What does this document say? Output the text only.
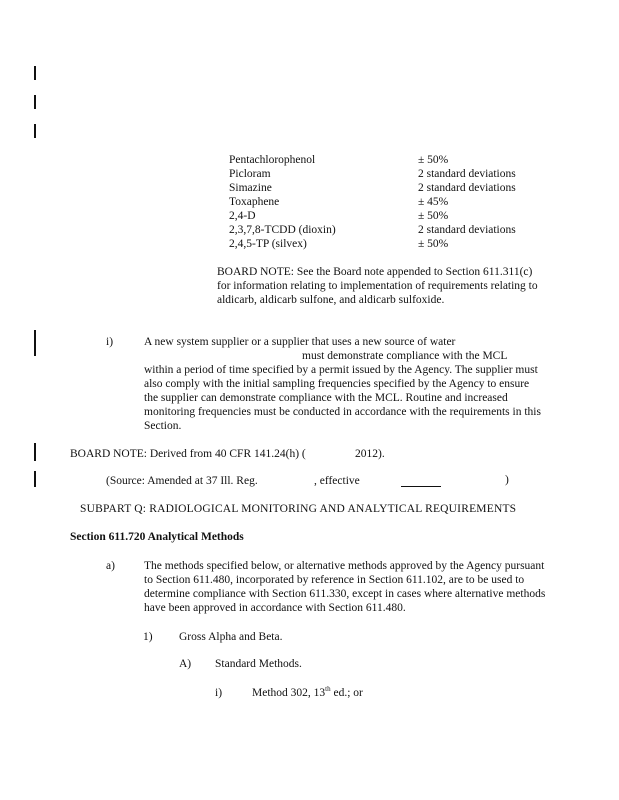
Pentachlorophenol	± 50%
Picloram	2 standard deviations
Simazine	2 standard deviations
Toxaphene	± 45%
2,4-D	± 50%
2,3,7,8-TCDD (dioxin)	2 standard deviations
2,4,5-TP (silvex)	± 50%
BOARD NOTE: See the Board note appended to Section 611.311(c) for information relating to implementation of requirements relating to aldicarb, aldicarb sulfone, and aldicarb sulfoxide.
i)	A new system supplier or a supplier that uses a new source of water
must demonstrate compliance with the MCL
within a period of time specified by a permit issued by the Agency. The supplier must also comply with the initial sampling frequencies specified by the Agency to ensure the supplier can demonstrate compliance with the MCL. Routine and increased monitoring frequencies must be conducted in accordance with the requirements in this Section.
BOARD NOTE: Derived from 40 CFR 141.24(h) (	2012).
(Source: Amended at 37 Ill. Reg.	, effective	)
SUBPART Q: RADIOLOGICAL MONITORING AND ANALYTICAL REQUIREMENTS
Section 611.720 Analytical Methods
a)	The methods specified below, or alternative methods approved by the Agency pursuant to Section 611.480, incorporated by reference in Section 611.102, are to be used to determine compliance with Section 611.330, except in cases where alternative methods have been approved in accordance with Section 611.480.
1) Gross Alpha and Beta.
A) Standard Methods.
i)	Method 302, 13th ed.; or
